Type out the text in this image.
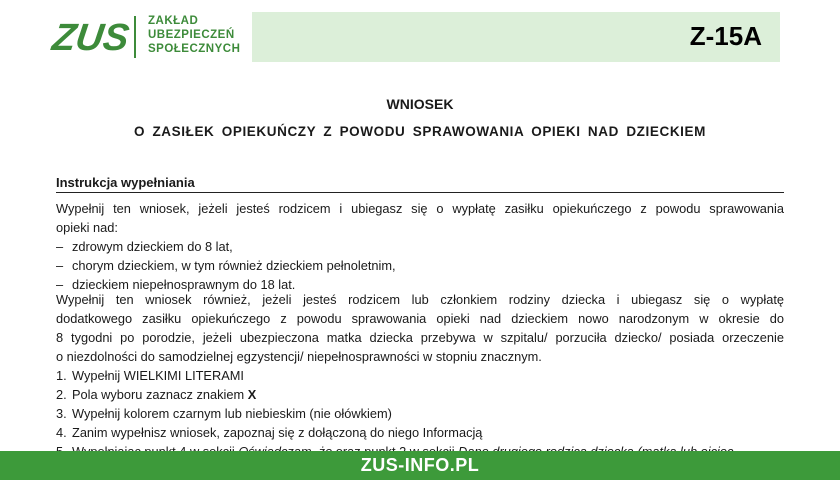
ZUS ZAKŁAD
UBEZPIECZEŃ
SPOŁECZNYCH	Z-15A
WNIOSEK
O ZASIŁEK OPIEKUŃCZY Z POWODU SPRAWOWANIA OPIEKI NAD DZIECKIEM
Instrukcja wypełniania
Wypełnij ten wniosek, jeżeli jesteś rodzicem i ubiegasz się o wypłatę zasiłku opiekuńczego z powodu sprawowania
opieki nad:
– zdrowym dzieckiem do 8 lat,
– chorym dzieckiem, w tym również dzieckiem pełnoletnim,
– dzieckiem niepełnosprawnym do 18 lat.
Wypełnij ten wniosek również, jeżeli jesteś rodzicem lub członkiem rodziny dziecka i ubiegasz się o wypłatę
dodatkowego zasiłku opiekuńczego z powodu sprawowania opieki nad dzieckiem nowo narodzonym w okresie do
8 tygodni po porodzie, jeżeli ubezpieczona matka dziecka przebywa w szpitalu/ porzuciła dziecko/ posiada orzeczenie
o niezdolności do samodzielnej egzystencji/ niepełnosprawności w stopniu znacznym.
1. Wypełnij WIELKIMI LITERAMI
2. Pola wyboru zaznacz znakiem X
3. Wypełnij kolorem czarnym lub niebieskim (nie ołówkiem)
4. Zanim wypełnisz wniosek, zapoznaj się z dołączoną do niego Informacją
ZUS-INFO.PL
